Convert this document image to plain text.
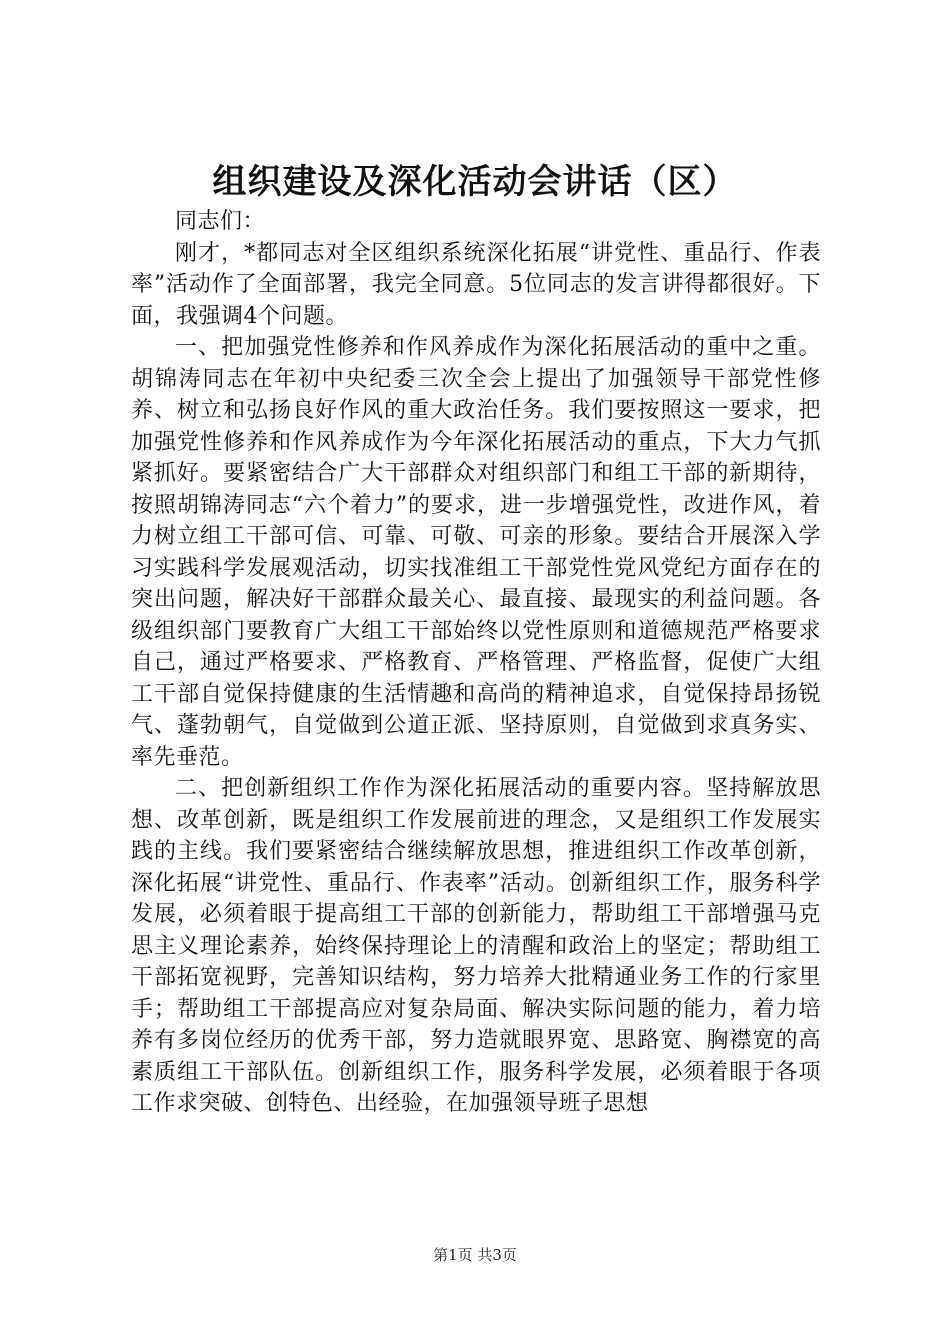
组织建设及深化活动会讲话（区）

同志们：

刚才，*都同志对全区组织系统深化拓展“讲党性、重品行、作表率”活动作了全面部署，我完全同意。5位同志的发言讲得都很好。下面，我强调4个问题。

一、把加强党性修养和作风养成作为深化拓展活动的重中之重。胡锦涛同志在年初中央纪委三次全会上提出了加强领导干部党性修养、树立和弘扬良好作风的重大政治任务。我们要按照这一要求，把加强党性修养和作风养成作为今年深化拓展活动的重点，下大力气抓紧抓好。要紧密结合广大干部群众对组织部门和组工干部的新期待，按照胡锦涛同志“六个着力”的要求，进一步增强党性，改进作风，着力树立组工干部可信、可靠、可敬、可亲的形象。要结合开展深入学习实践科学发展观活动，切实找准组工干部党性党风党纪方面存在的突出问题，解决好干部群众最关心、最直接、最现实的利益问题。各级组织部门要教育广大组工干部始终以党性原则和道德规范严格要求自己，通过严格要求、严格教育、严格管理、严格监督，促使广大组工干部自觉保持健康的生活情趣和高尚的精神追求，自觉保持昂扬锐气、蓬勃朝气，自觉做到公道正派、坚持原则，自觉做到求真务实、率先垂范。

二、把创新组织工作作为深化拓展活动的重要内容。坚持解放思想、改革创新，既是组织工作发展前进的理念，又是组织工作发展实践的主线。我们要紧密结合继续解放思想，推进组织工作改革创新，深化拓展“讲党性、重品行、作表率”活动。创新组织工作，服务科学发展，必须着眼于提高组工干部的创新能力，帮助组工干部增强马克思主义理论素养，始终保持理论上的清醒和政治上的坚定；帮助组工干部拓宽视野，完善知识结构，努力培养大批精通业务工作的行家里手；帮助组工干部提高应对复杂局面、解决实际问题的能力，着力培养有多岗位经历的优秀干部，努力造就眼界宽、思路宽、胸襟宽的高素质组工干部队伍。创新组织工作，服务科学发展，必须着眼于各项工作求突破、创特色、出经验，在加强领导班子思想

第1页 共3页
